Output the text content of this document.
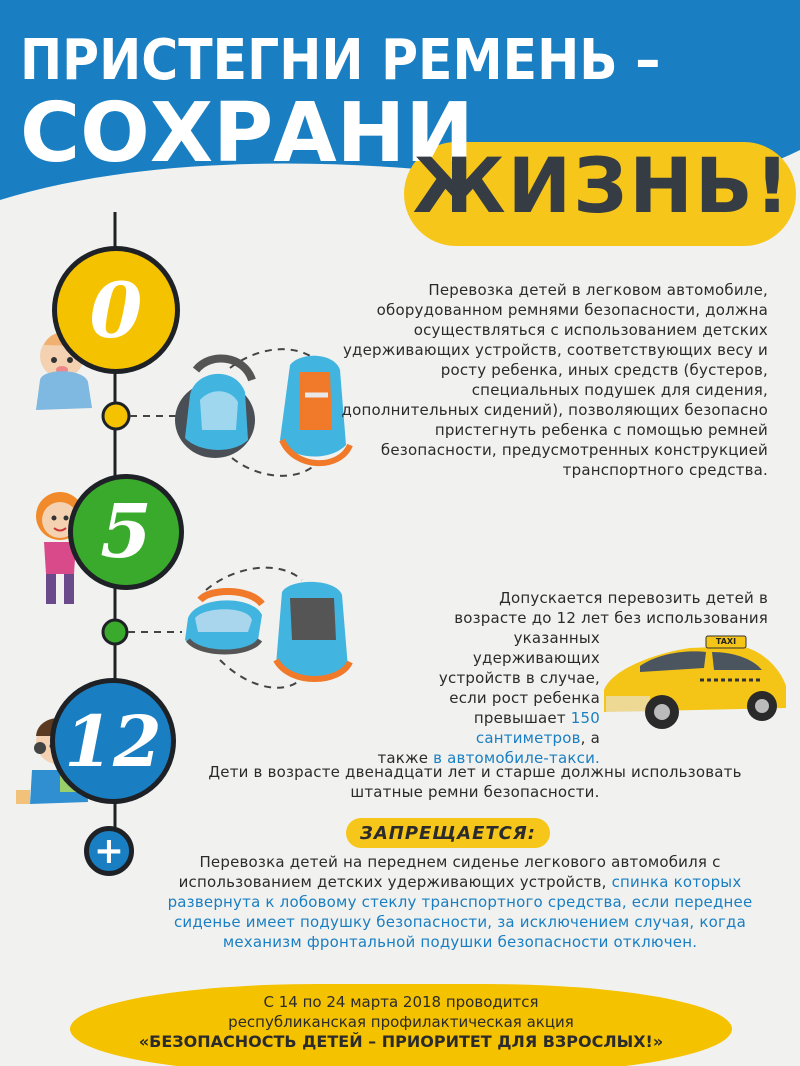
ПРИСТЕГНИ РЕМЕНЬ –
СОХРАНИ
ЖИЗНЬ!
TAXI
0
5
12
+

Перевозка детей в легковом автомобиле, оборудованном ремнями безопасности, должна осуществляться с использованием детских удерживающих устройств, соответствующих весу и росту ребенка, иных средств (бустеров, специальных подушек для сидения, дополнительных сидений), позволяющих безопасно пристегнуть ребенка с помощью ремней безопасности, предусмотренных конструкцией транспортного средства.

Допускается перевозить детей в
возрасте до 12 лет без использования
указанных
удерживающих
устройств в случае,
если рост ребенка
превышает 150 сантиметров, а
также в автомобиле-такси.

Дети в возрасте двенадцати лет и старше должны использовать штатные ремни безопасности.

ЗАПРЕЩАЕТСЯ:

Перевозка детей на переднем сиденье легкового автомобиля с использованием детских удерживающих устройств, спинка которых развернута к лобовому стеклу транспортного средства, если переднее сиденье имеет подушку безопасности, за исключением случая, когда механизм фронтальной подушки безопасности отключен.

С 14 по 24 марта 2018 проводится
республиканская профилактическая акция
«БЕЗОПАСНОСТЬ ДЕТЕЙ – ПРИОРИТЕТ ДЛЯ ВЗРОСЛЫХ!»
